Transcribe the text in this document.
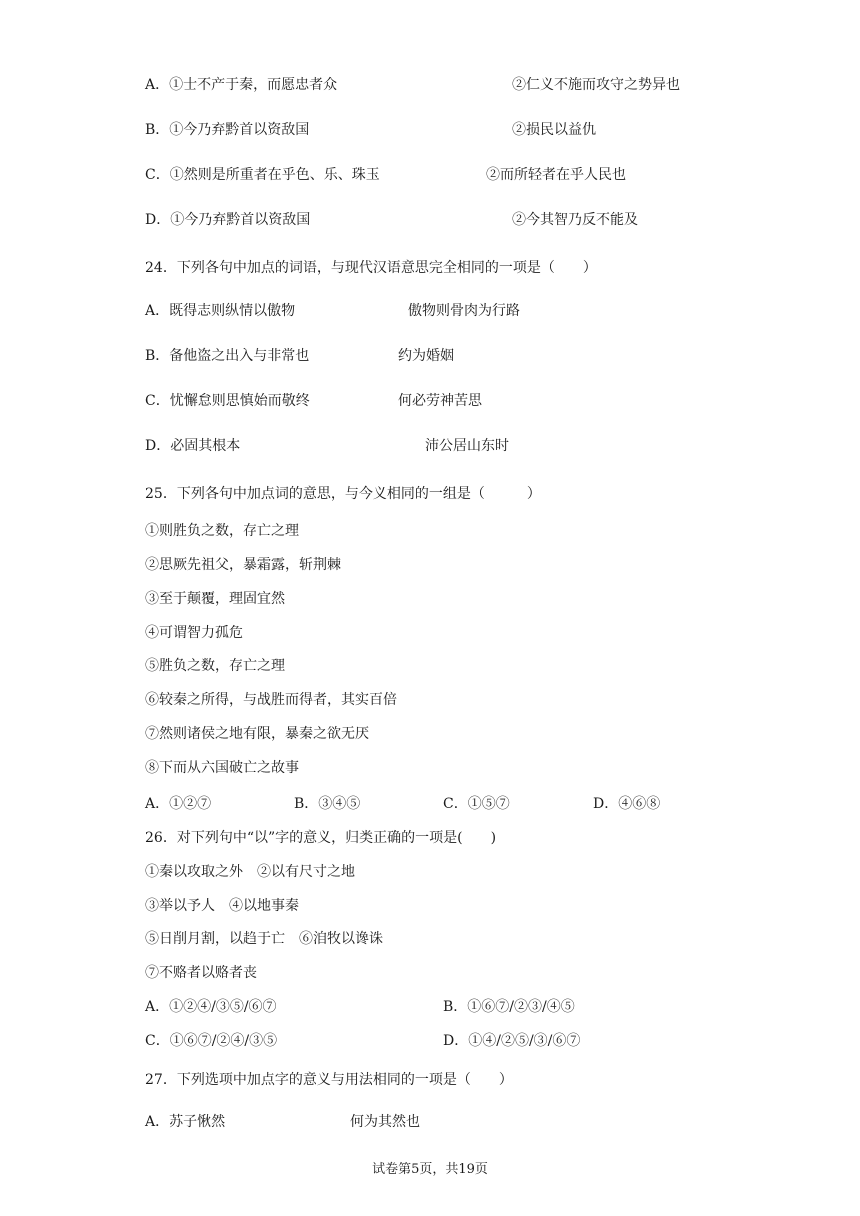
A．①士不产于秦，而愿忠者众	②仁义不施而攻守之势异也
B．①今乃弃黔首以资敌国	②损民以益仇
C．①然则是所重者在乎色、乐、珠玉	②而所轻者在乎人民也
D．①今乃弃黔首以资敌国	②今其智乃反不能及
24．下列各句中加点的词语，与现代汉语意思完全相同的一项是（　　）
A．既得志则纵情以傲物	傲物则骨肉为行路
B．备他盗之出入与非常也	约为婚姻
C．忧懈怠则思慎始而敬终	何必劳神苦思
D．必固其根本	沛公居山东时
25．下列各句中加点词的意思，与今义相同的一组是（　　　）
①则胜负之数，存亡之理
②思厥先祖父，暴霜露，斩荆棘
③至于颠覆，理固宜然
④可谓智力孤危
⑤胜负之数，存亡之理
⑥较秦之所得，与战胜而得者，其实百倍
⑦然则诸侯之地有限，暴秦之欲无厌
⑧下而从六国破亡之故事
A．①②⑦	B．③④⑤	C．①⑤⑦	D．④⑥⑧
26．对下列句中“以”字的意义，归类正确的一项是(　　)
①秦以攻取之外　②以有尺寸之地
③举以予人　④以地事秦
⑤日削月割，以趋于亡　⑥洎牧以谗诛
⑦不赂者以赂者丧
A．①②④/③⑤/⑥⑦	B．①⑥⑦/②③/④⑤
C．①⑥⑦/②④/③⑤	D．①④/②⑤/③/⑥⑦
27．下列选项中加点字的意义与用法相同的一项是（　　）
A．苏子愀然	何为其然也
试卷第5页，共19页
